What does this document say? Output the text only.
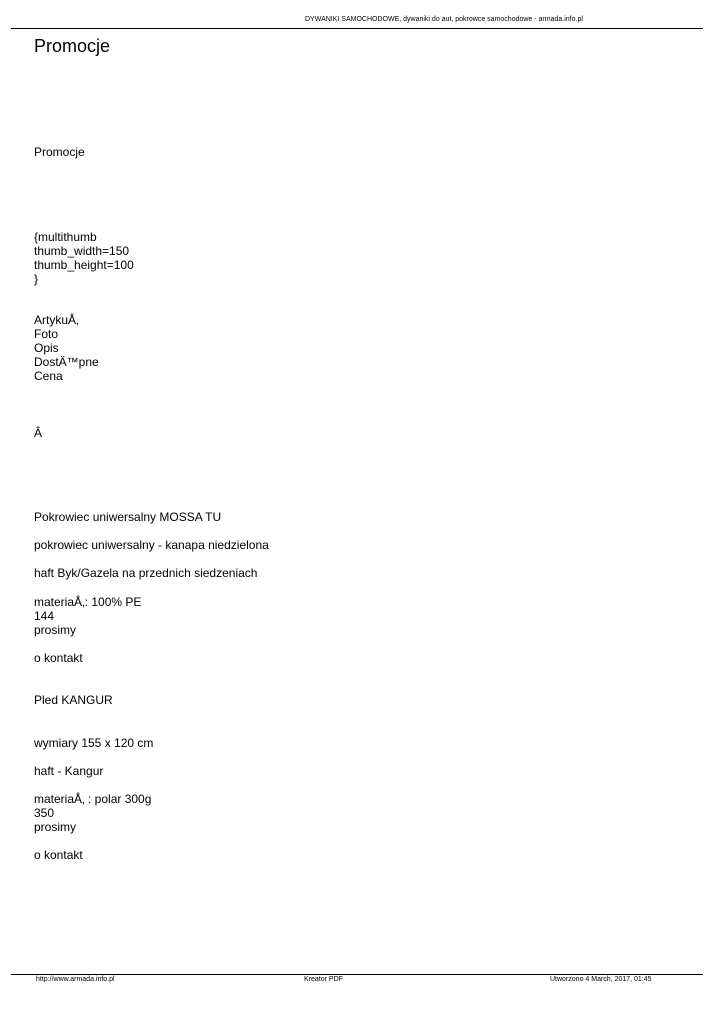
DYWANIKI SAMOCHODOWE, dywaniki do aut, pokrowce samochodowe - armada.info.pl
Promocje
Promocje
{multithumb
thumb_width=150
thumb_height=100
}
ArtykuÅ‚
Foto
Opis
DostÄ™pne
Cena
Â
Pokrowiec uniwersalny MOSSA TU
pokrowiec uniwersalny - kanapa niedzielona
haft Byk/Gazela na przednich siedzeniach
materiaÅ‚: 100% PE
144
prosimy
o kontakt
Pled KANGUR
wymiary 155 x 120 cm
haft - Kangur
materiaÅ‚ : polar 300g
350
prosimy
o kontakt
http://www.armada.info.pl	Kreator PDF	Utworzono 4 March, 2017, 01:45
